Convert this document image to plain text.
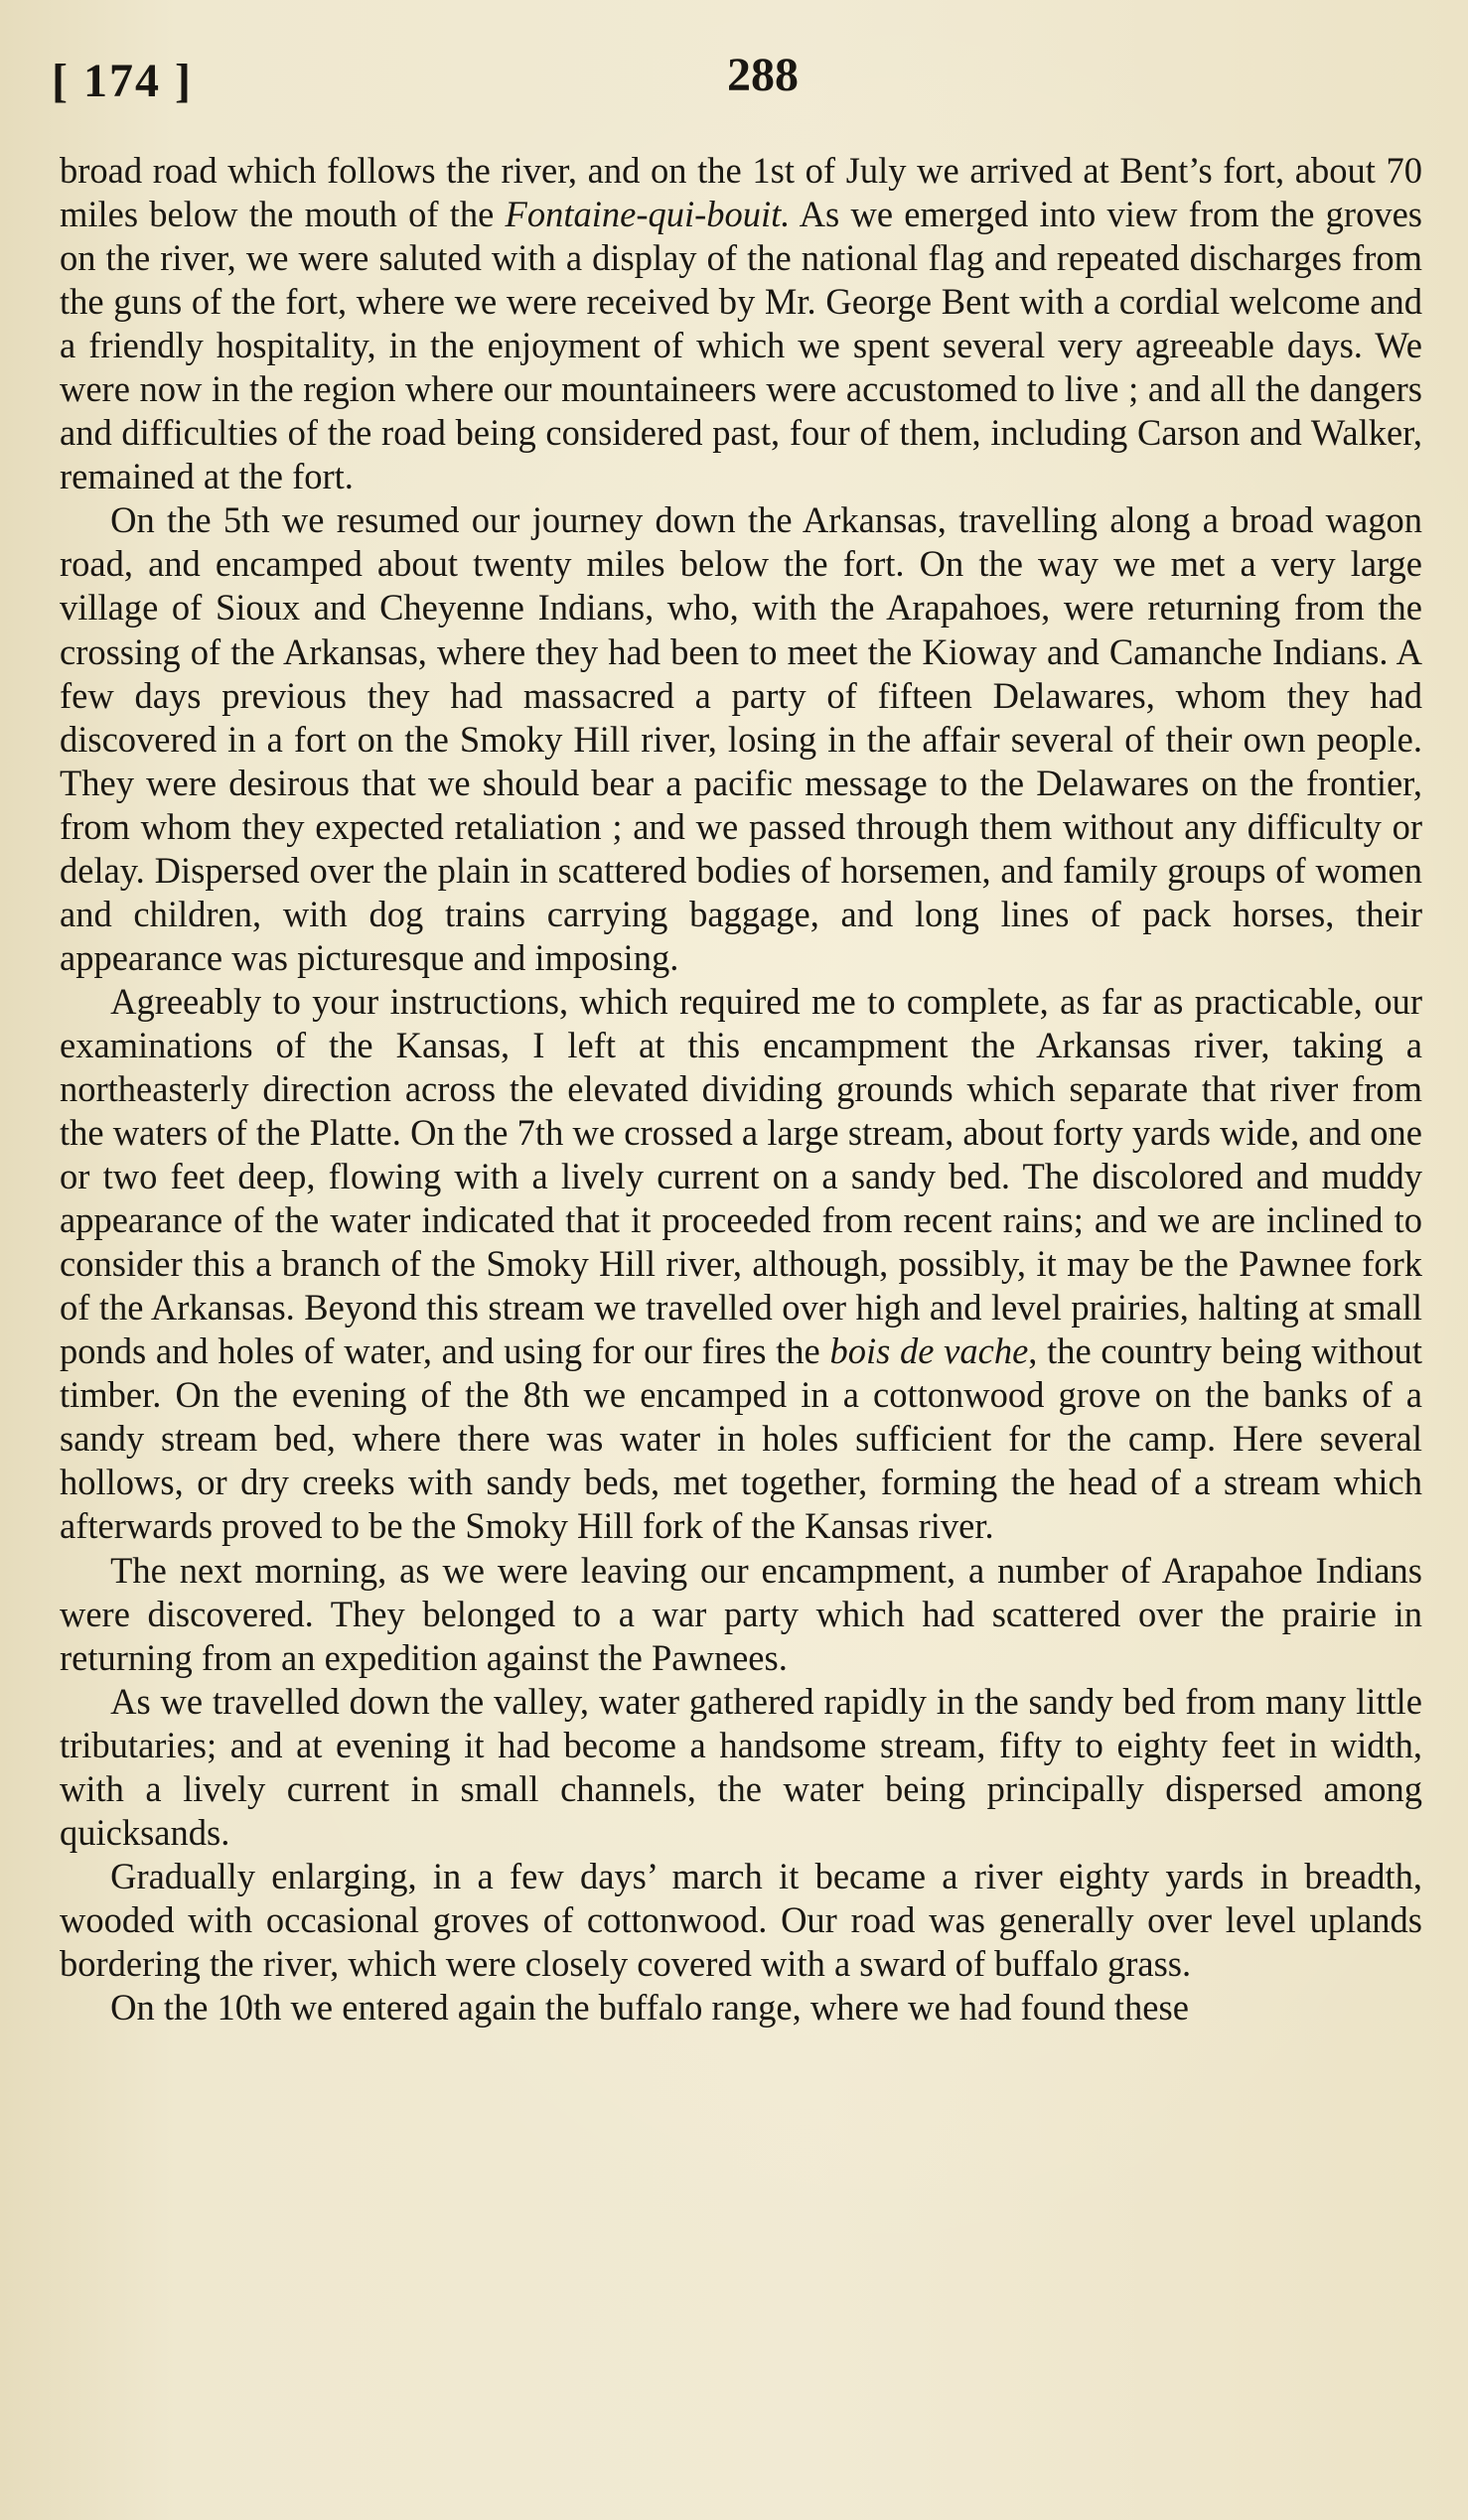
[ 174 ]	288

broad road which follows the river, and on the 1st of July we arrived at Bent’s fort, about 70 miles below the mouth of the Fontaine-qui-bouit. As we emerged into view from the groves on the river, we were saluted with a display of the national flag and repeated discharges from the guns of the fort, where we were received by Mr. George Bent with a cordial welcome and a friendly hospitality, in the enjoyment of which we spent several very agreeable days. We were now in the region where our mountaineers were accustomed to live ; and all the dangers and difficulties of the road being considered past, four of them, including Carson and Walker, remained at the fort.

On the 5th we resumed our journey down the Arkansas, travelling along a broad wagon road, and encamped about twenty miles below the fort. On the way we met a very large village of Sioux and Cheyenne Indians, who, with the Arapahoes, were returning from the crossing of the Arkansas, where they had been to meet the Kioway and Camanche Indians. A few days previous they had massacred a party of fifteen Delawares, whom they had discovered in a fort on the Smoky Hill river, losing in the affair several of their own people. They were desirous that we should bear a pacific message to the Delawares on the frontier, from whom they expected retaliation ; and we passed through them without any difficulty or delay. Dispersed over the plain in scattered bodies of horsemen, and family groups of women and children, with dog trains carrying baggage, and long lines of pack horses, their appearance was picturesque and imposing.

Agreeably to your instructions, which required me to complete, as far as practicable, our examinations of the Kansas, I left at this encampment the Arkansas river, taking a northeasterly direction across the elevated dividing grounds which separate that river from the waters of the Platte. On the 7th we crossed a large stream, about forty yards wide, and one or two feet deep, flowing with a lively current on a sandy bed. The discolored and muddy appearance of the water indicated that it proceeded from recent rains; and we are inclined to consider this a branch of the Smoky Hill river, although, possibly, it may be the Pawnee fork of the Arkansas. Beyond this stream we travelled over high and level prairies, halting at small ponds and holes of water, and using for our fires the bois de vache, the country being without timber. On the evening of the 8th we encamped in a cottonwood grove on the banks of a sandy stream bed, where there was water in holes sufficient for the camp. Here several hollows, or dry creeks with sandy beds, met together, forming the head of a stream which afterwards proved to be the Smoky Hill fork of the Kansas river.

The next morning, as we were leaving our encampment, a number of Arapahoe Indians were discovered. They belonged to a war party which had scattered over the prairie in returning from an expedition against the Pawnees.

As we travelled down the valley, water gathered rapidly in the sandy bed from many little tributaries; and at evening it had become a handsome stream, fifty to eighty feet in width, with a lively current in small channels, the water being principally dispersed among quicksands.

Gradually enlarging, in a few days’ march it became a river eighty yards in breadth, wooded with occasional groves of cottonwood. Our road was generally over level uplands bordering the river, which were closely covered with a sward of buffalo grass.

On the 10th we entered again the buffalo range, where we had found these
